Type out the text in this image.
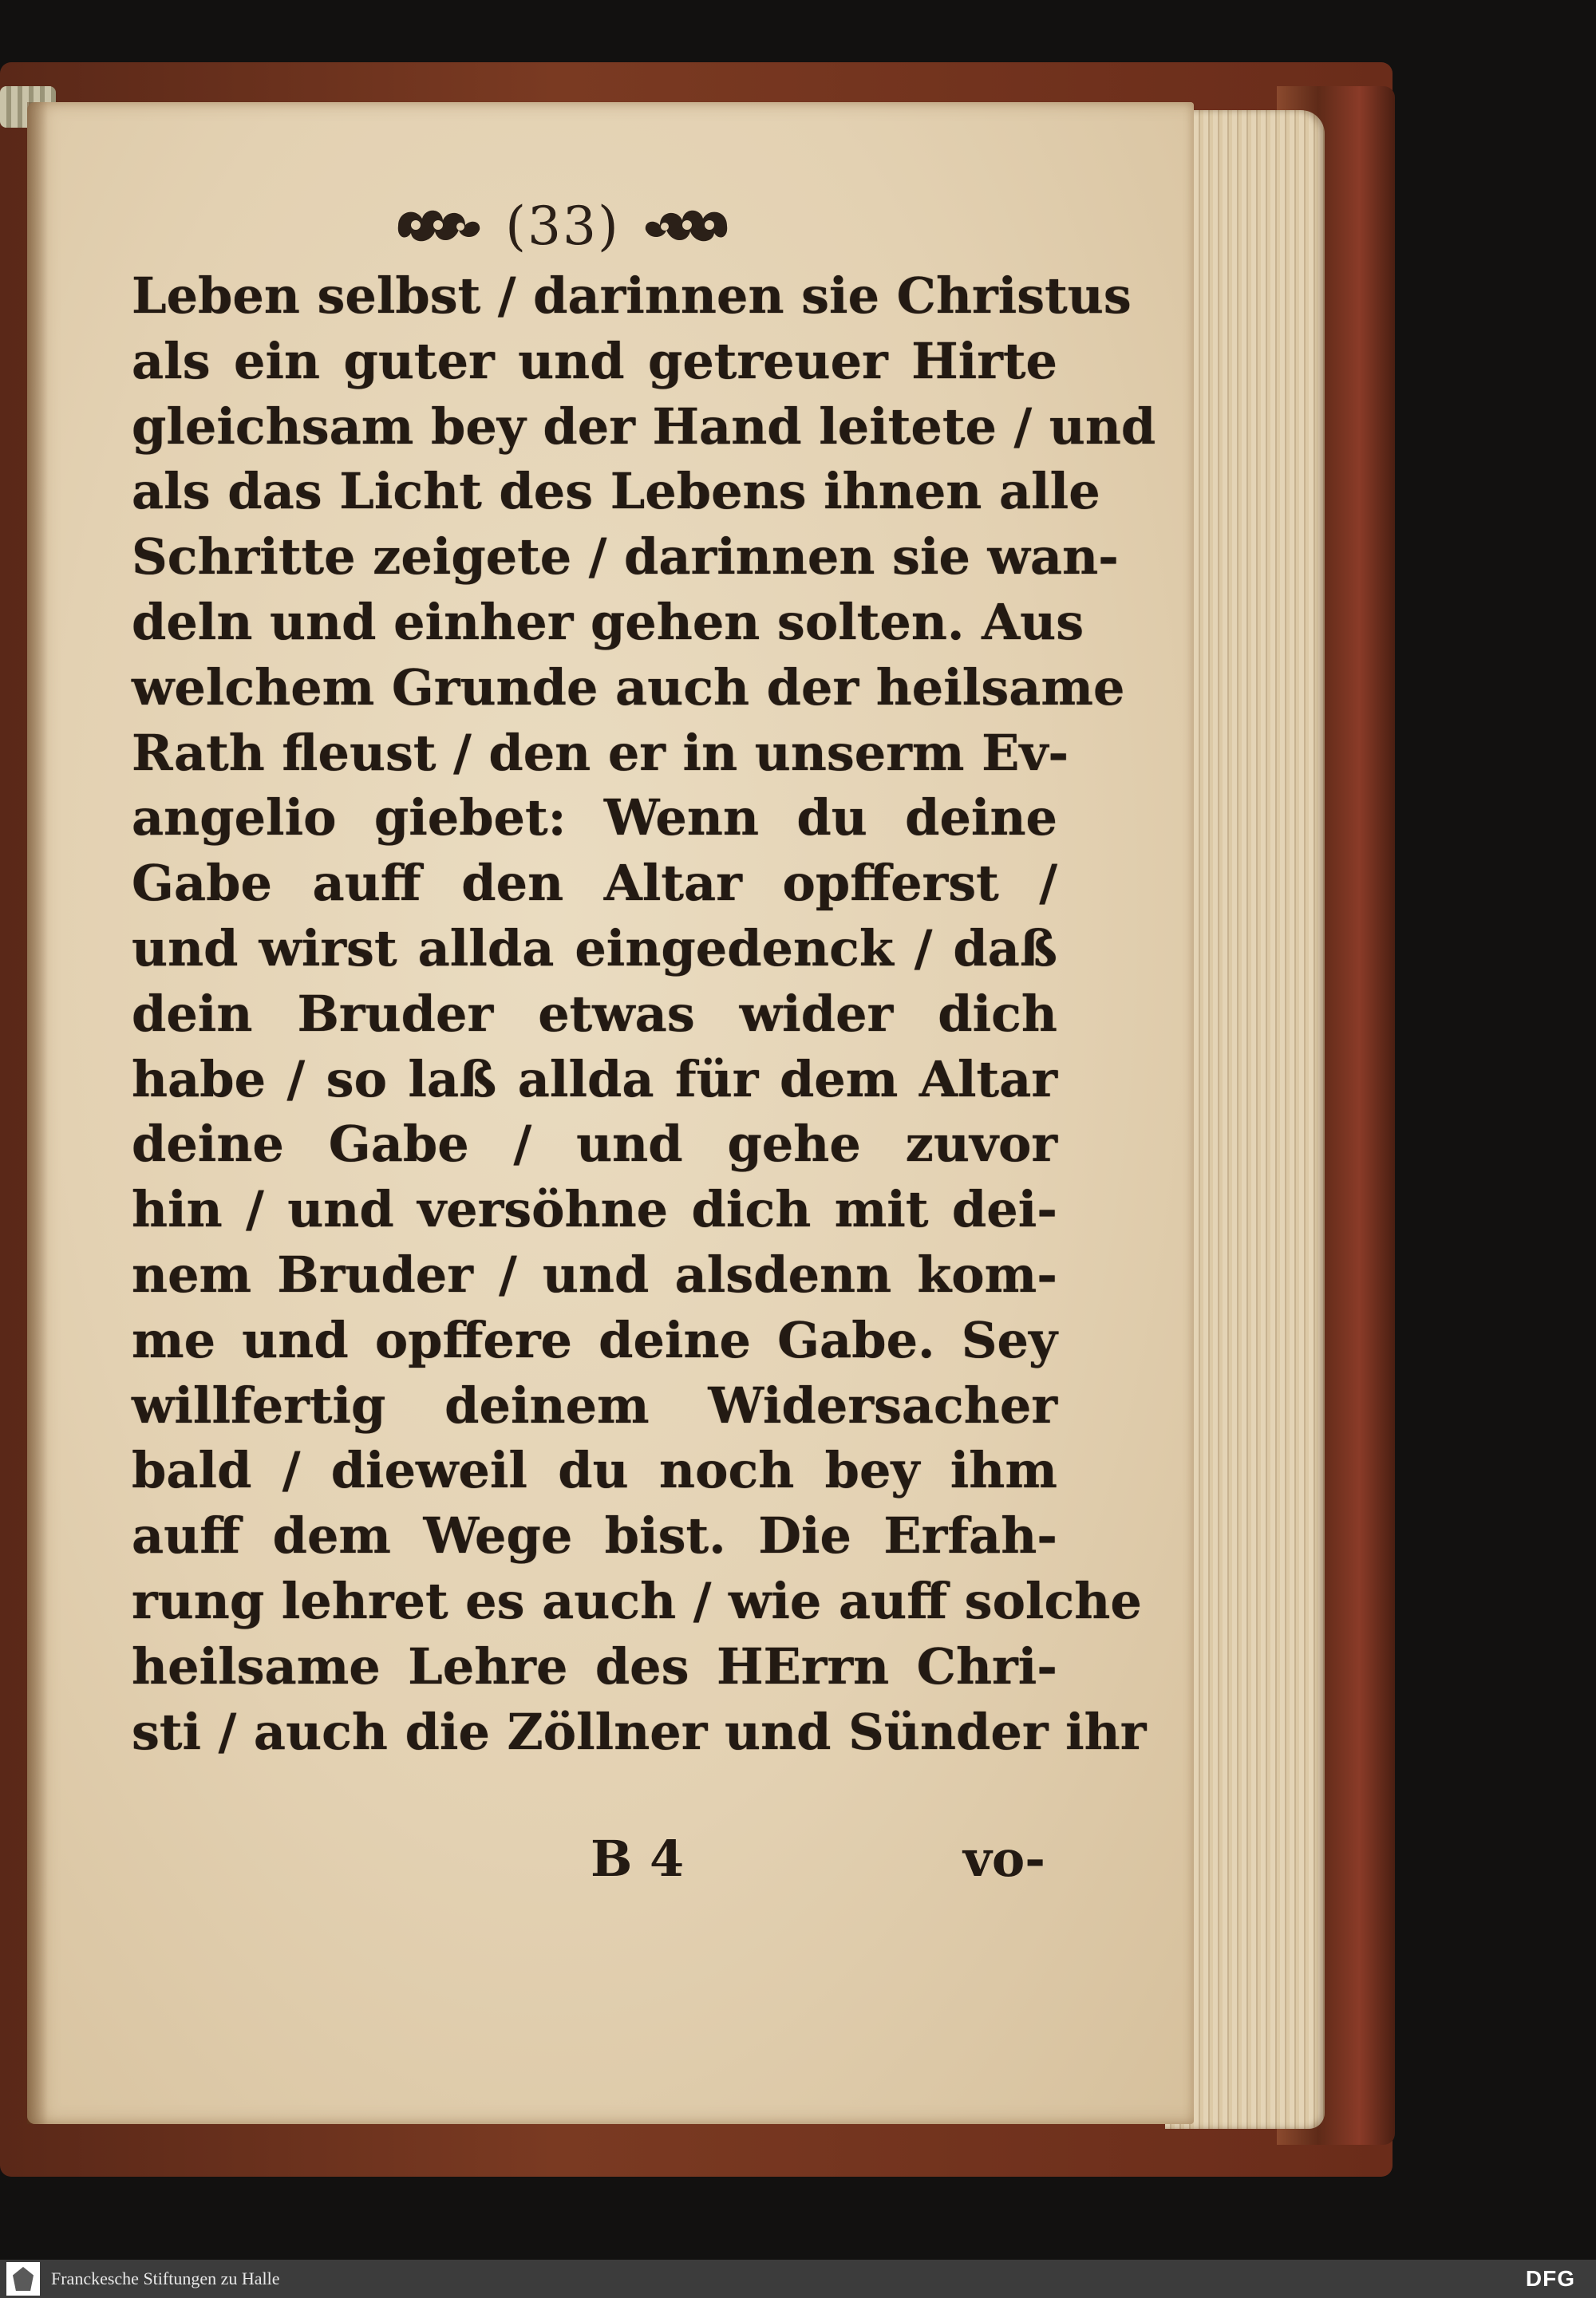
(33)
Leben selbst / darinnen sie Christus
als ein guter und getreuer Hirte
gleichsam bey der Hand leitete / und
als das Licht des Lebens ihnen alle
Schritte zeigete / darinnen sie wan-
deln und einher gehen solten. Aus
welchem Grunde auch der heilsame
Rath fleust / den er in unserm Ev-
angelio giebet: Wenn du deine
Gabe auff den Altar opfferst /
und wirst allda eingedenck / daß
dein Bruder etwas wider dich
habe / so laß allda für dem Altar
deine Gabe / und gehe zuvor
hin / und versöhne dich mit dei-
nem Bruder / und alsdenn kom-
me und opffere deine Gabe. Sey
willfertig deinem Widersacher
bald / dieweil du noch bey ihm
auff dem Wege bist. Die Erfah-
rung lehret es auch / wie auff solche
heilsame Lehre des HErrn Chri-
sti / auch die Zöllner und Sünder ihr
B 4	vo-
Franckesche Stiftungen zu Halle	DFG
